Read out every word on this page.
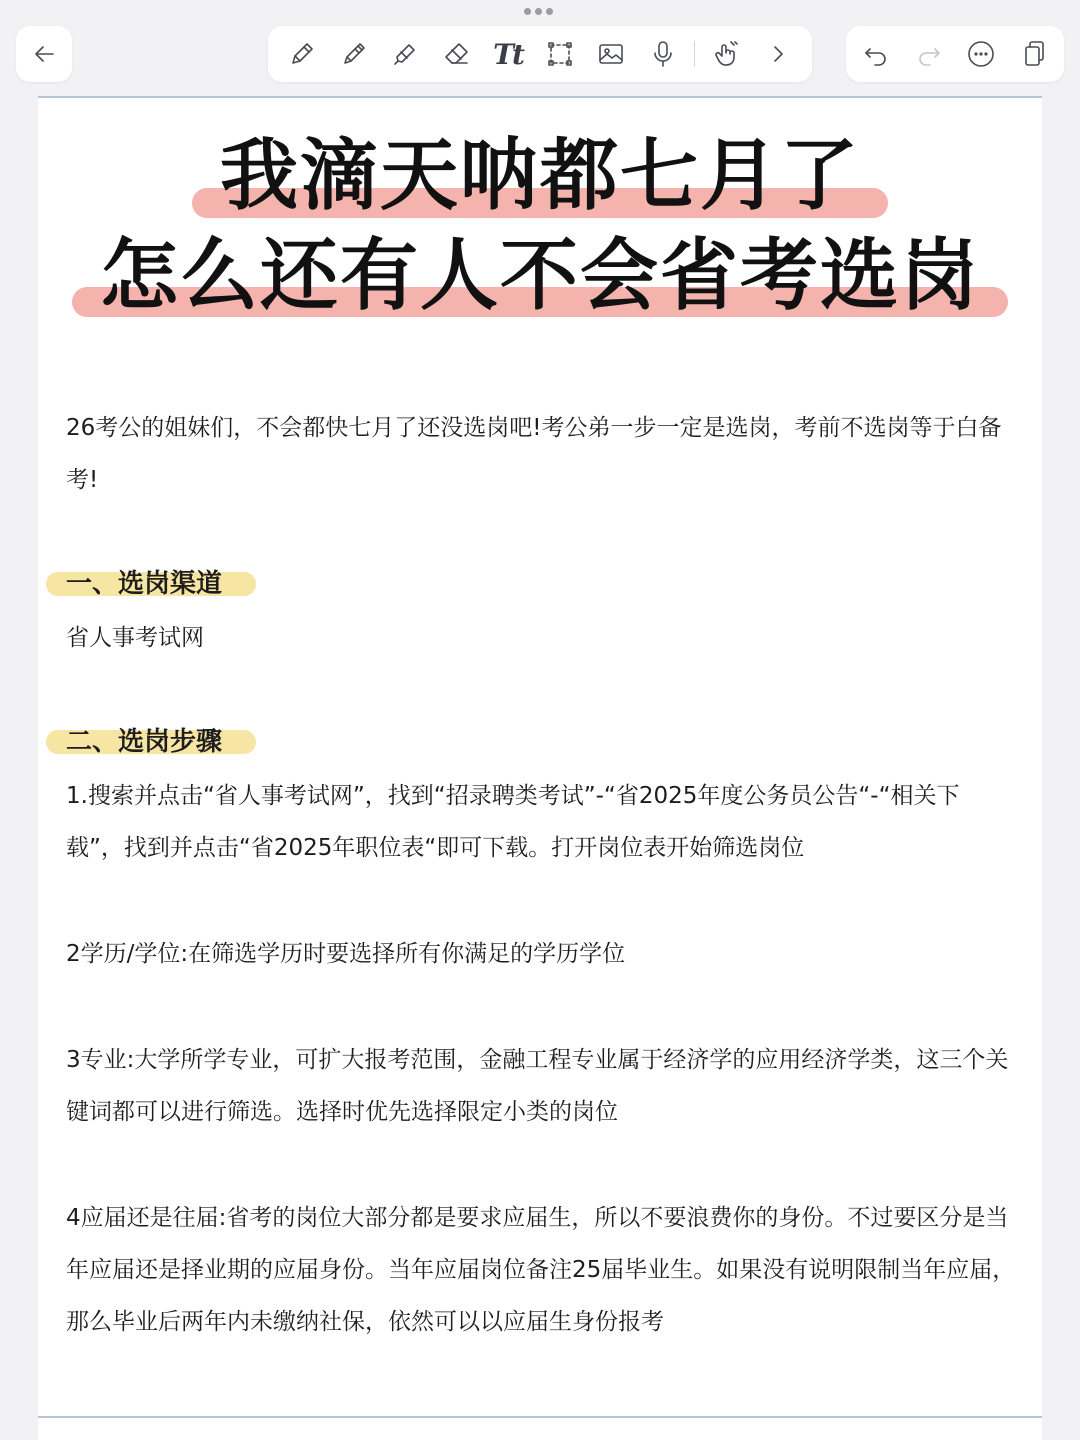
Tt
我滴天呐都七月了

怎么还有人不会省考选岗
26考公的姐妹们，不会都快七月了还没选岗吧!考公弟一步一定是选岗，考前不选岗等于白备考!
一、选岗渠道
省人事考试网
二、选岗步骤
1.搜索并点击“省人事考试网”，找到“招录聘类考试”-“省2025年度公务员公告“-“相关下载”，找到并点击“省2025年职位表“即可下载。打开岗位表开始筛选岗位
2学历/学位:在筛选学历时要选择所有你满足的学历学位
3专业:大学所学专业，可扩大报考范围，金融工程专业属于经济学的应用经济学类，这三个关键词都可以进行筛选。选择时优先选择限定小类的岗位
4应届还是往届:省考的岗位大部分都是要求应届生，所以不要浪费你的身份。不过要区分是当年应届还是择业期的应届身份。当年应届岗位备注25届毕业生。如果没有说明限制当年应届，那么毕业后两年内未缴纳社保，依然可以以应届生身份报考
